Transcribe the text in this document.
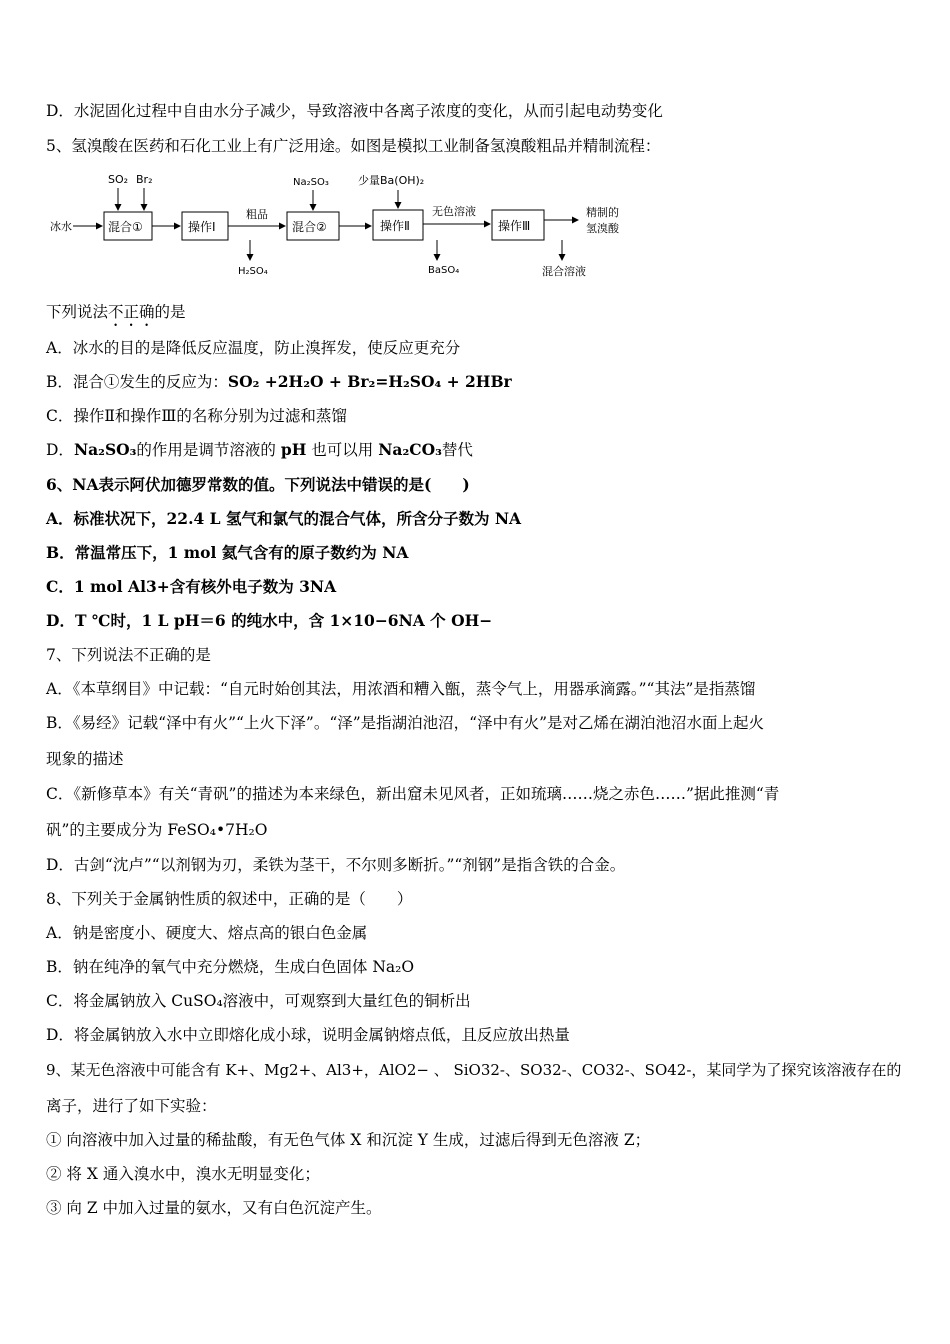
D．水泥固化过程中自由水分子减少，导致溶液中各离子浓度的变化，从而引起电动势变化
5、氢溴酸在医药和石化工业上有广泛用途。如图是模拟工业制备氢溴酸粗品并精制流程：
冰水
SO₂ Br₂
混合①	操作Ⅰ
粗品
H₂SO₄
Na₂SO₃
混合②
少量Ba(OH)₂
操作Ⅱ
无色溶液
BaSO₄
操作Ⅲ
精制的
氢溴酸
混合溶液
下列说法不正确的是
A．冰水的目的是降低反应温度，防止溴挥发，使反应更充分
B．混合①发生的反应为：SO₂ +2H₂O + Br₂=H₂SO₄ + 2HBr
C．操作Ⅱ和操作Ⅲ的名称分别为过滤和蒸馏
D．Na₂SO₃的作用是调节溶液的 pH 也可以用 Na₂CO₃替代
6、NA表示阿伏加德罗常数的值。下列说法中错误的是(　　)
A．标准状况下，22.4 L 氢气和氯气的混合气体，所含分子数为 NA
B．常温常压下，1 mol 氦气含有的原子数约为 NA
C．1 mol Al3+含有核外电子数为 3NA
D．T ℃时，1 L pH＝6 的纯水中，含 1×10−6NA 个 OH−
7、下列说法不正确的是
A．《本草纲目》中记载：“自元时始创其法，用浓酒和糟入甑，蒸令气上，用器承滴露。”“其法”是指蒸馏
B．《易经》记载“泽中有火”“上火下泽”。“泽”是指湖泊池沼，“泽中有火”是对乙烯在湖泊池沼水面上起火
现象的描述
C．《新修草本》有关“青矾”的描述为本来绿色，新出窟未见风者，正如琉璃……烧之赤色……”据此推测“青
矾”的主要成分为 FeSO₄•7H₂O
D．古剑“沈卢”“以剂钢为刃，柔铁为茎干，不尔则多断折。”“剂钢”是指含铁的合金。
8、下列关于金属钠性质的叙述中，正确的是（　　）
A．钠是密度小、硬度大、熔点高的银白色金属
B．钠在纯净的氧气中充分燃烧，生成白色固体 Na₂O
C．将金属钠放入 CuSO₄溶液中，可观察到大量红色的铜析出
D．将金属钠放入水中立即熔化成小球，说明金属钠熔点低，且反应放出热量
9、某无色溶液中可能含有 K+、Mg2+、Al3+，AlO2− 、 SiO32-、SO32-、CO32-、SO42-，某同学为了探究该溶液存在的
离子，进行了如下实验：
① 向溶液中加入过量的稀盐酸，有无色气体 X 和沉淀 Y 生成，过滤后得到无色溶液 Z；
② 将 X 通入溴水中，溴水无明显变化；
③ 向 Z 中加入过量的氨水，又有白色沉淀产生。
